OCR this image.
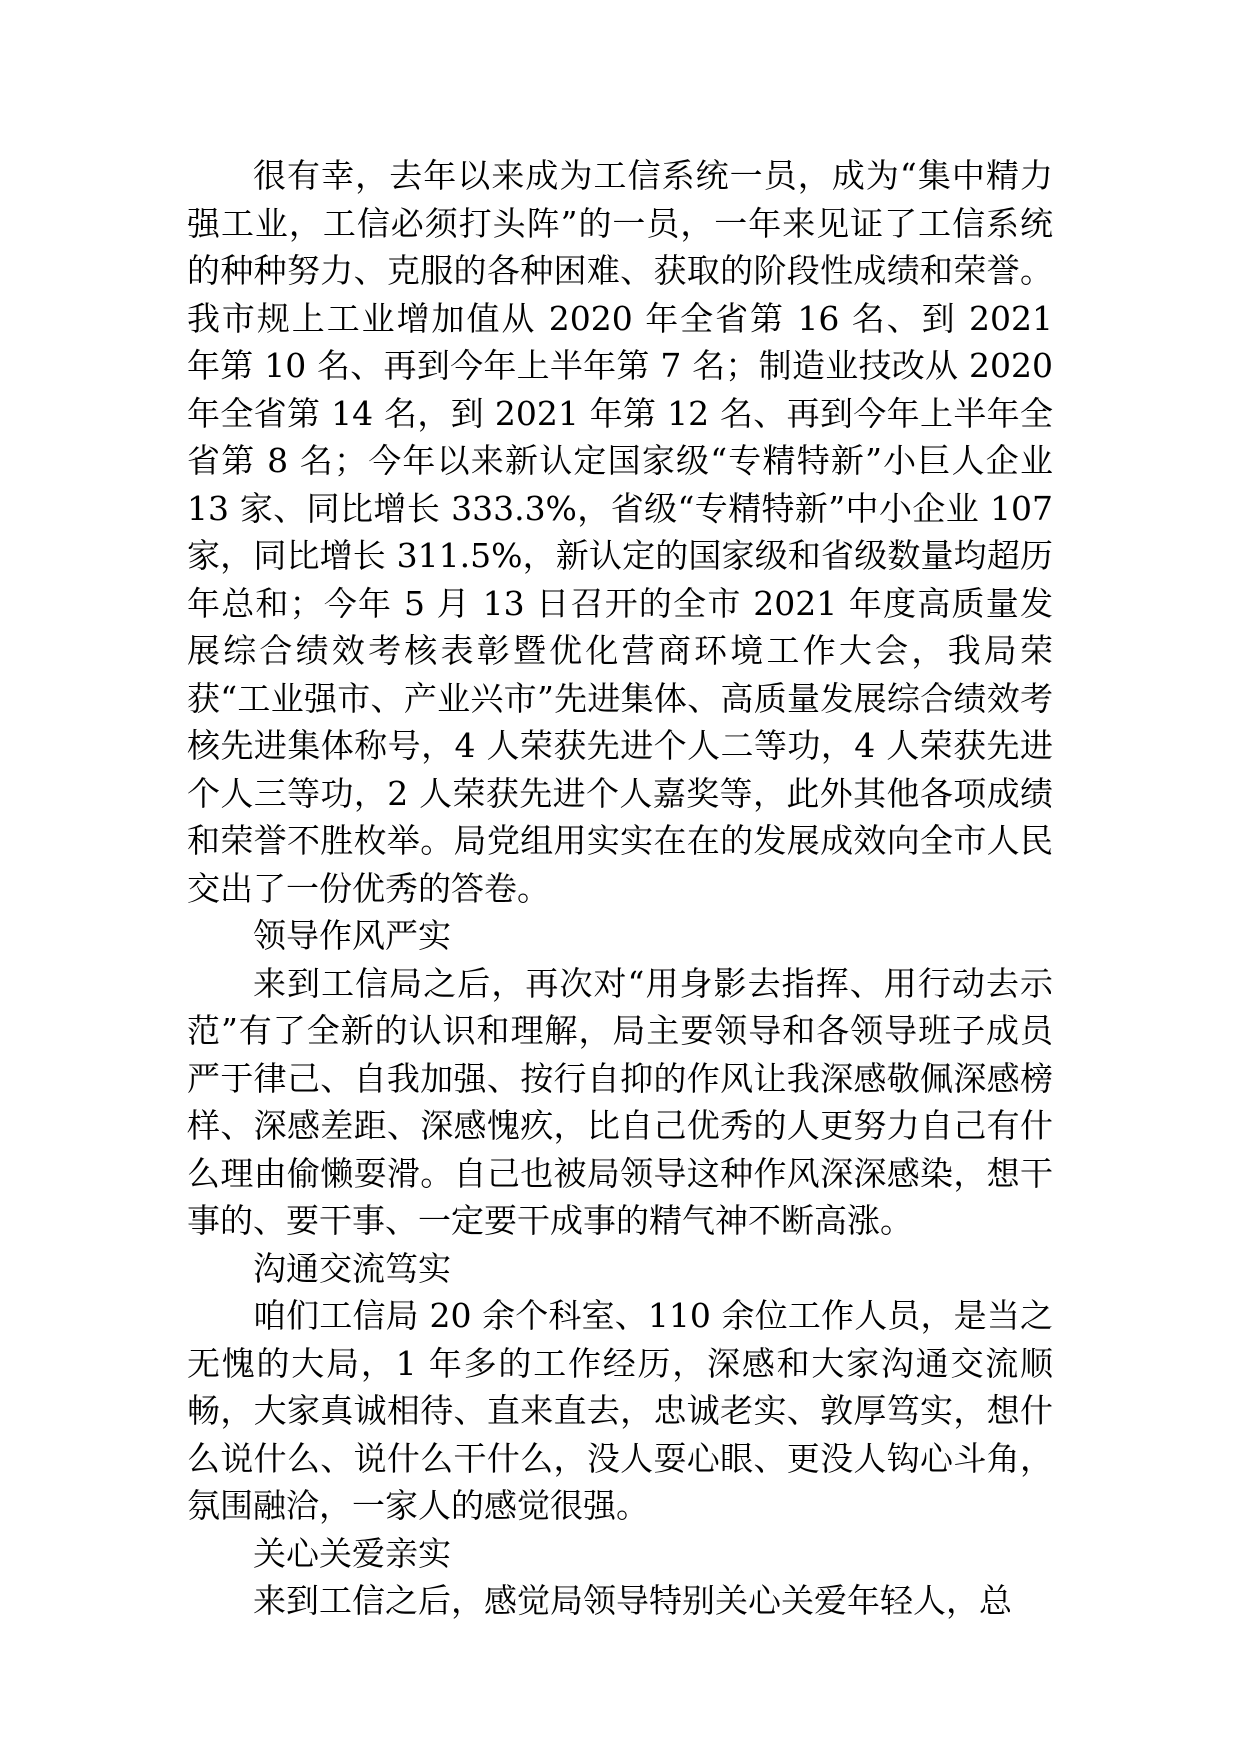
很有幸，去年以来成为工信系统一员，成为“集中精力强工业，工信必须打头阵”的一员，一年来见证了工信系统的种种努力、克服的各种困难、获取的阶段性成绩和荣誉。我市规上工业增加值从 2020 年全省第 16 名、到 2021 年第 10 名、再到今年上半年第 7 名；制造业技改从 2020 年全省第 14 名，到 2021 年第 12 名、再到今年上半年全省第 8 名；今年以来新认定国家级“专精特新”小巨人企业 13 家、同比增长 333.3%，省级“专精特新”中小企业 107 家，同比增长 311.5%，新认定的国家级和省级数量均超历年总和；今年 5 月 13 日召开的全市 2021 年度高质量发展综合绩效考核表彰暨优化营商环境工作大会，我局荣获“工业强市、产业兴市”先进集体、高质量发展综合绩效考核先进集体称号，4 人荣获先进个人二等功，4 人荣获先进个人三等功，2 人荣获先进个人嘉奖等，此外其他各项成绩和荣誉不胜枚举。局党组用实实在在的发展成效向全市人民交出了一份优秀的答卷。

领导作风严实

来到工信局之后，再次对“用身影去指挥、用行动去示范”有了全新的认识和理解，局主要领导和各领导班子成员严于律己、自我加强、按行自抑的作风让我深感敬佩深感榜样、深感差距、深感愧疚，比自己优秀的人更努力自己有什么理由偷懒耍滑。自己也被局领导这种作风深深感染，想干事的、要干事、一定要干成事的精气神不断高涨。

沟通交流笃实

咱们工信局 20 余个科室、110 余位工作人员，是当之无愧的大局，1 年多的工作经历，深感和大家沟通交流顺畅，大家真诚相待、直来直去，忠诚老实、敦厚笃实，想什么说什么、说什么干什么，没人耍心眼、更没人钩心斗角，氛围融洽，一家人的感觉很强。

关心关爱亲实

来到工信之后，感觉局领导特别关心关爱年轻人，总
